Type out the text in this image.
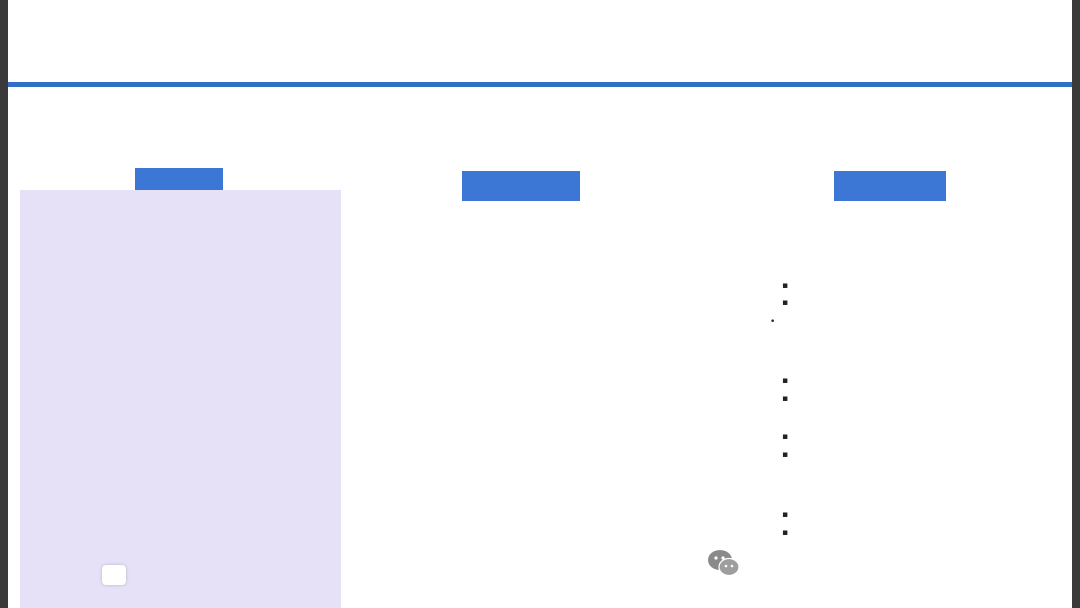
▪
▪
•
▪
▪
▪
▪
▪
▪
